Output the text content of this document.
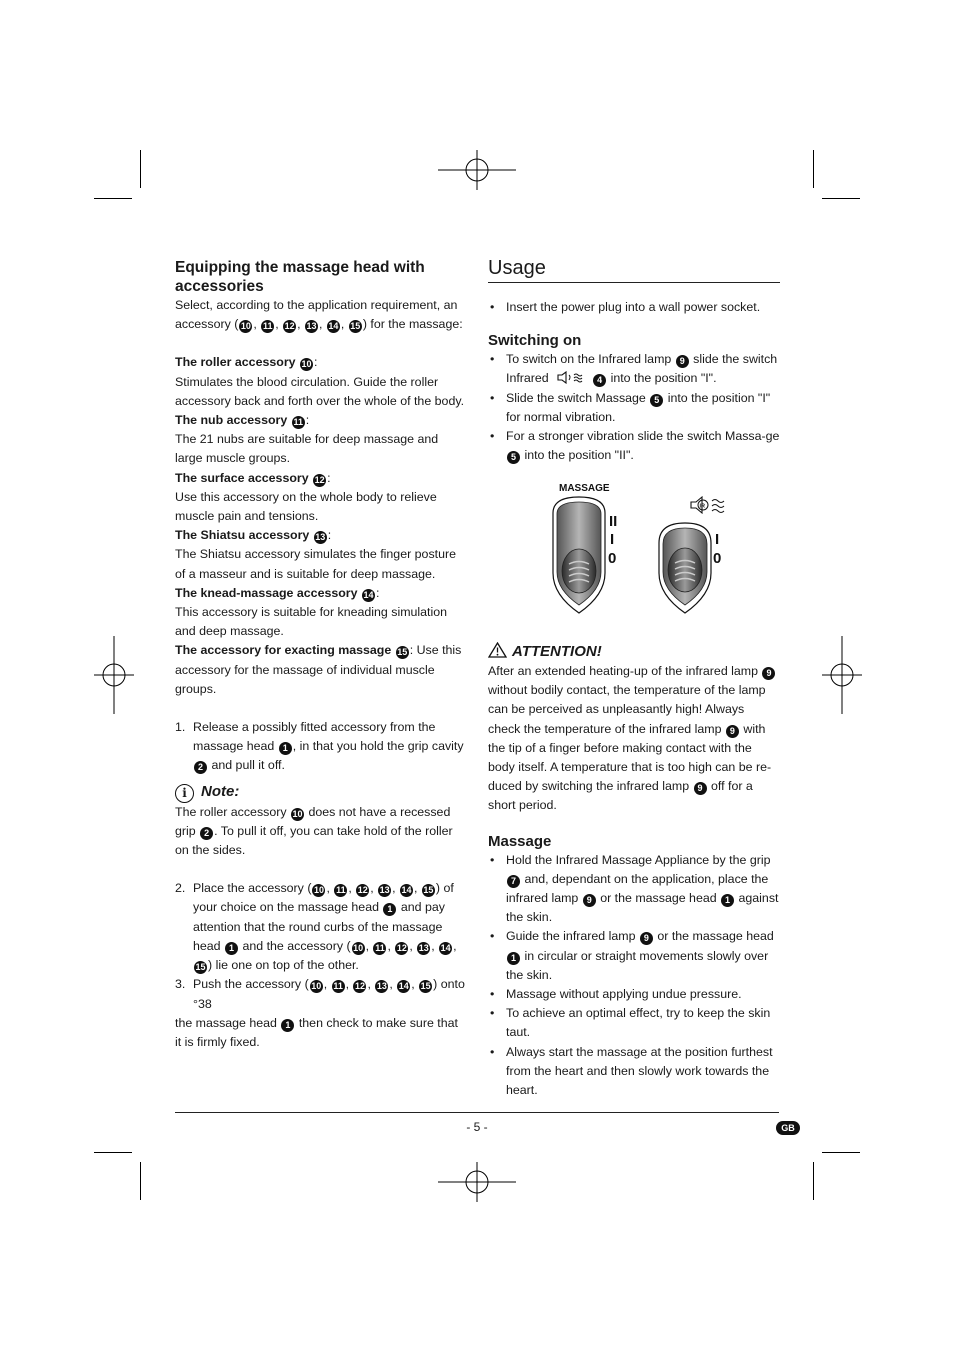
Equipping the massage head with accessories

Select, according to the application requirement, an accessory ( 10 , 11 , 12 , 13 , 14 , 15 ) for the massage:

The roller accessory 10 :

Stimulates the blood circulation. Guide the roller accessory back and forth over the whole of the body.

The nub accessory 11 :

The 21 nubs are suitable for deep massage and large muscle groups.

The surface accessory 12 :

Use this accessory on the whole body to relieve muscle pain and tensions.

The Shiatsu accessory 13 :

The Shiatsu accessory simulates the finger posture of a masseur and is suitable for deep massage.

The knead-massage accessory 14 :

This accessory is suitable for kneading simulation and deep massage.

The accessory for exacting massage 15 : Use this accessory for the massage of individual muscle groups.

1. Release a possibly fitted accessory from the massage head 1 , in that you hold the grip cavity 2 and pull it off.
i Note:

The roller accessory 10 does not have a recessed grip 2 . To pull it off, you can take hold of the roller on the sides.

2. Place the accessory ( 10 , 11 , 12 , 13 , 14 , 15 ) of your choice on the massage head 1 and pay attention that the round curbs of the massage head 1 and the accessory ( 10 , 11 , 12 , 13 , 14 , 15 ) lie one on top of the other.
3. Push the accessory ( 10 , 11 , 12 , 13 , 14 , 15 ) onto
°38

the massage head 1 then check to make sure that it is firmly fixed.

Usage
• Insert the power plug into a wall power socket.
Switching on
• To switch on the Infrared lamp 9 slide the switch Infrared	4 into the position "I".
• Slide the switch Massage 5 into the position "I" for normal vibration.
• For a stronger vibration slide the switch Massa-ge 5 into the position "II".
MASSAGE
II
I
0
IR
I
0
ATTENTION!

After an extended heating-up of the infrared lamp 9 without bodily contact, the temperature of the lamp can be perceived as unpleasantly high! Always check the temperature of the infrared lamp 9 with the tip of a finger before making contact with the body itself. A temperature that is too high can be re-duced by switching the infrared lamp 9 off for a short period.

Massage
• Hold the Infrared Massage Appliance by the grip 7 and, dependant on the application, place the infrared lamp 9 or the massage head 1 against the skin.
• Guide the infrared lamp 9 or the massage head 1 in circular or straight movements slowly over the skin.
• Massage without applying undue pressure.
• To achieve an optimal effect, try to keep the skin taut.
• Always start the massage at the position furthest from the heart and then slowly work towards the heart.
- 5 -	GB
